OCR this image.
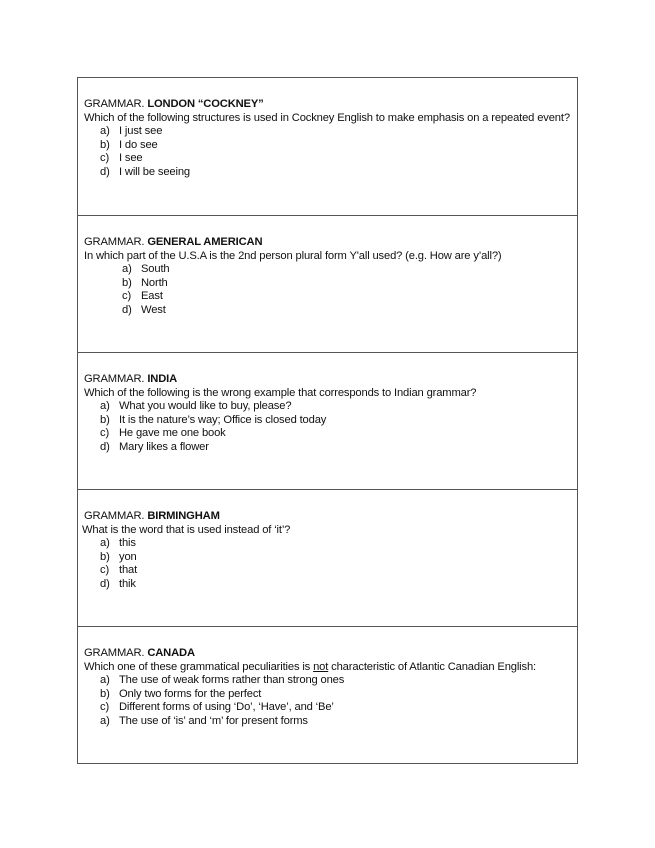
GRAMMAR. LONDON “COCKNEY”

Which of the following structures is used in Cockney English to make emphasis on a repeated event?

a) I just see
b) I do see
c) I see
d) I will be seeing
GRAMMAR. GENERAL AMERICAN

In which part of the U.S.A is the 2nd person plural form Y'all used? (e.g. How are y’all?)

a) South
b) North
c) East
d) West
GRAMMAR. INDIA

Which of the following is the wrong example that corresponds to Indian grammar?

a) What you would like to buy, please?
b) It is the nature’s way; Office is closed today
c) He gave me one book
d) Mary likes a flower
GRAMMAR. BIRMINGHAM

What is the word that is used instead of ‘it’?

a) this
b) yon
c) that
d) thik
GRAMMAR. CANADA

Which one of these grammatical peculiarities is not characteristic of Atlantic Canadian English:

a) The use of weak forms rather than strong ones
b) Only two forms for the perfect
c) Different forms of using ‘Do’, ‘Have’, and ‘Be’
a) The use of ‘is’ and ‘m’ for present forms
